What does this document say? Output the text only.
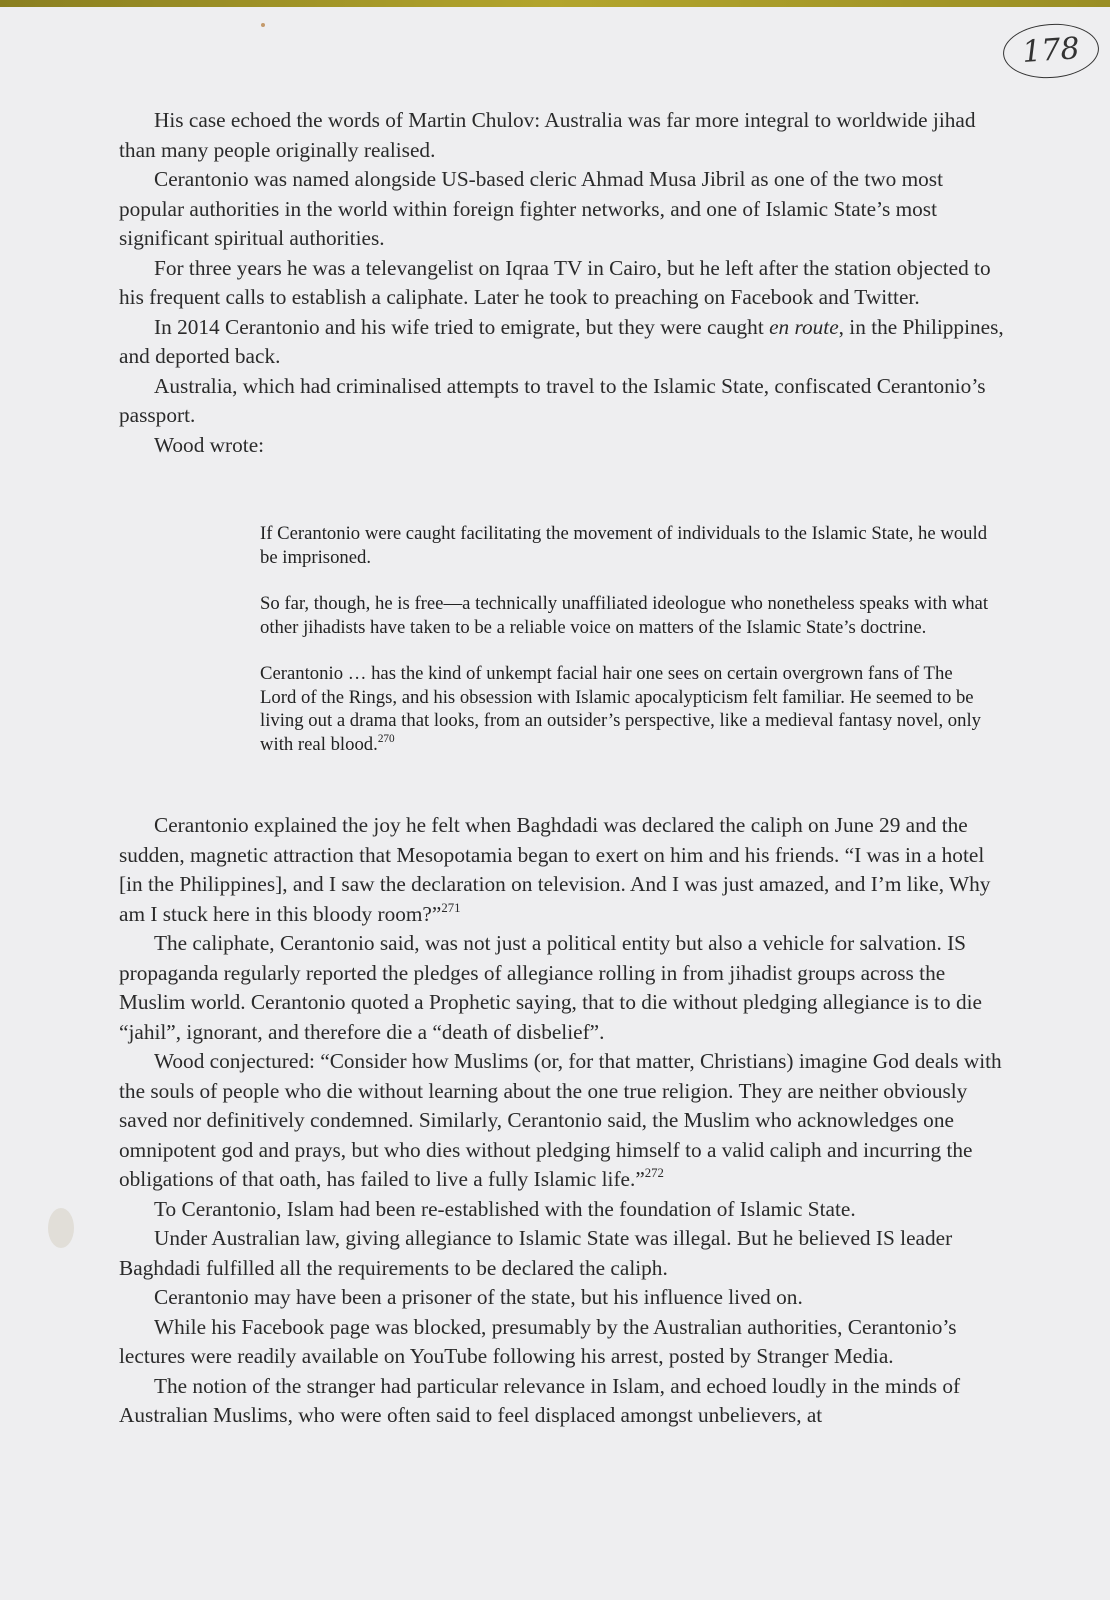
178

His case echoed the words of Martin Chulov: Australia was far more integral to worldwide jihad than many people originally realised.

Cerantonio was named alongside US-based cleric Ahmad Musa Jibril as one of the two most popular authorities in the world within foreign fighter networks, and one of Islamic State’s most significant spiritual authorities.

For three years he was a televangelist on Iqraa TV in Cairo, but he left after the station objected to his frequent calls to establish a caliphate. Later he took to preaching on Facebook and Twitter.

In 2014 Cerantonio and his wife tried to emigrate, but they were caught en route, in the Philippines, and deported back.

Australia, which had criminalised attempts to travel to the Islamic State, confiscated Cerantonio’s passport.

Wood wrote:

If Cerantonio were caught facilitating the movement of individuals to the Islamic State, he would be imprisoned.

So far, though, he is free—a technically unaffiliated ideologue who nonetheless speaks with what other jihadists have taken to be a reliable voice on matters of the Islamic State’s doctrine.

Cerantonio … has the kind of unkempt facial hair one sees on certain overgrown fans of The Lord of the Rings, and his obsession with Islamic apocalypticism felt familiar. He seemed to be living out a drama that looks, from an outsider’s perspective, like a medieval fantasy novel, only with real blood.$^{270}$

Cerantonio explained the joy he felt when Baghdadi was declared the caliph on June 29 and the sudden, magnetic attraction that Mesopotamia began to exert on him and his friends. “I was in a hotel [in the Philippines], and I saw the declaration on television. And I was just amazed, and I’m like, Why am I stuck here in this bloody room?”$^{271}$

The caliphate, Cerantonio said, was not just a political entity but also a vehicle for salvation. IS propaganda regularly reported the pledges of allegiance rolling in from jihadist groups across the Muslim world. Cerantonio quoted a Prophetic saying, that to die without pledging allegiance is to die “jahil”, ignorant, and therefore die a “death of disbelief”.

Wood conjectured: “Consider how Muslims (or, for that matter, Christians) imagine God deals with the souls of people who die without learning about the one true religion. They are neither obviously saved nor definitively condemned. Similarly, Cerantonio said, the Muslim who acknowledges one omnipotent god and prays, but who dies without pledging himself to a valid caliph and incurring the obligations of that oath, has failed to live a fully Islamic life.”$^{272}$

To Cerantonio, Islam had been re-established with the foundation of Islamic State.

Under Australian law, giving allegiance to Islamic State was illegal. But he believed IS leader Baghdadi fulfilled all the requirements to be declared the caliph.

Cerantonio may have been a prisoner of the state, but his influence lived on.

While his Facebook page was blocked, presumably by the Australian authorities, Cerantonio’s lectures were readily available on YouTube following his arrest, posted by Stranger Media.

The notion of the stranger had particular relevance in Islam, and echoed loudly in the minds of Australian Muslims, who were often said to feel displaced amongst unbelievers, at
